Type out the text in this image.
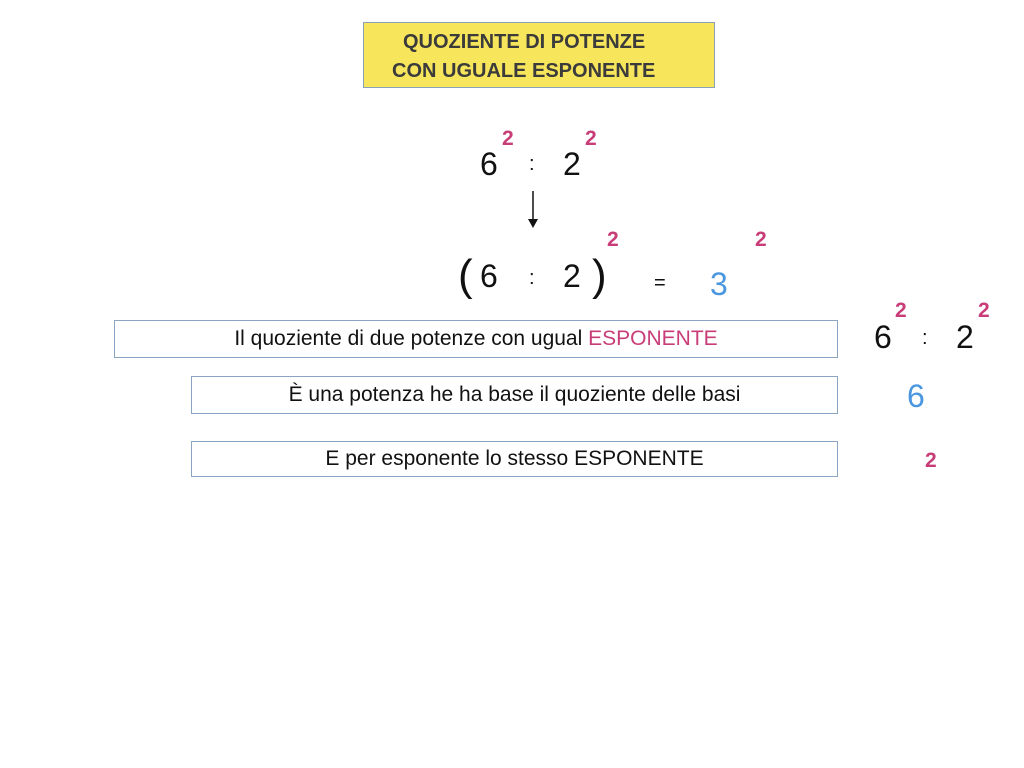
QUOZIENTE DI POTENZE
CON UGUALE ESPONENTE
6
2
: 2
2
( 6 : 2 )
2
= 3
2
Il quoziente di due potenze con ugual ESPONENTE
È una potenza he ha base il quoziente delle basi
E per esponente lo stesso ESPONENTE
6
2
: 2
2
6
2
